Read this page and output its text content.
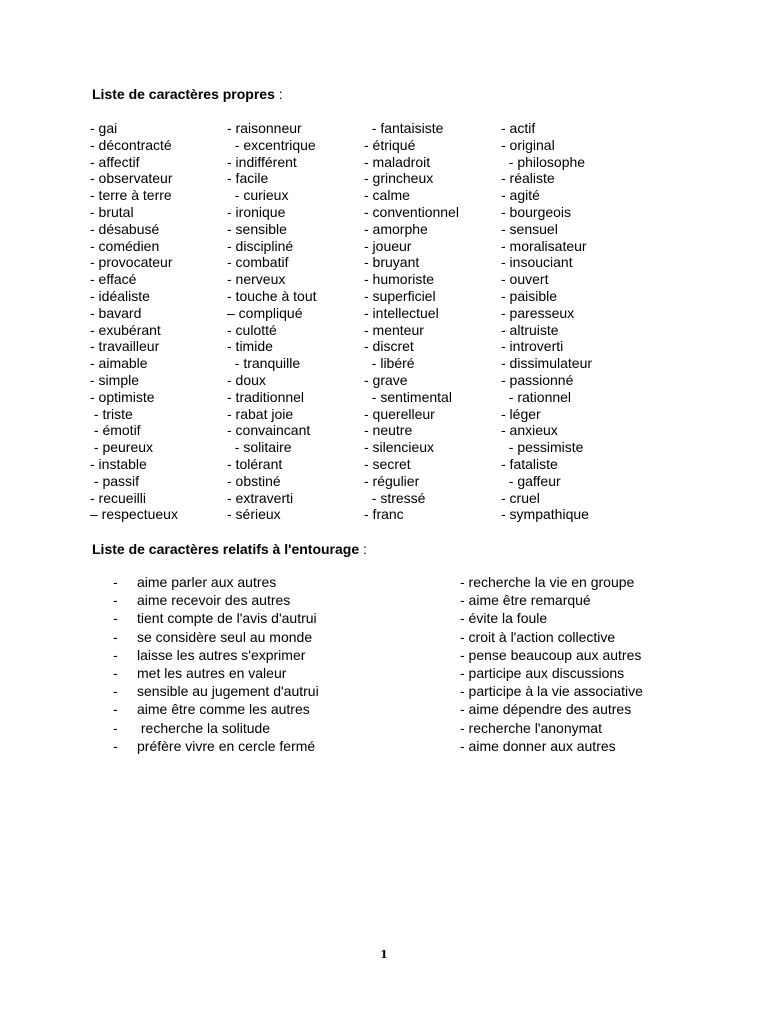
Liste de caractères propres :
- gai
- décontracté
- affectif
- observateur
- terre à terre
- brutal
- désabusé
- comédien
- provocateur
- effacé
- idéaliste
- bavard
- exubérant
- travailleur
- aimable
- simple
- optimiste
- triste
- émotif
- peureux
- instable
- passif
- recueilli
– respectueux
- raisonneur
- excentrique
- indifférent
- facile
- curieux
- ironique
- sensible
- discipliné
- combatif
- nerveux
- touche à tout
– compliqué
- culotté
- timide
- tranquille
- doux
- traditionnel
- rabat joie
- convaincant
- solitaire
- tolérant
- obstiné
- extraverti
- sérieux
- fantaisiste
- étriqué
- maladroit
- grincheux
- calme
- conventionnel
- amorphe
- joueur
- bruyant
- humoriste
- superficiel
- intellectuel
- menteur
- discret
- libéré
- grave
- sentimental
- querelleur
- neutre
- silencieux
- secret
- régulier
- stressé
- franc
- actif
- original
- philosophe
- réaliste
- agité
- bourgeois
- sensuel
- moralisateur
- insouciant
- ouvert
- paisible
- paresseux
- altruiste
- introverti
- dissimulateur
- passionné
- rationnel
- léger
- anxieux
- pessimiste
- fataliste
- gaffeur
- cruel
- sympathique
Liste de caractères relatifs à l'entourage :
-
-
-
-
-
-
-
-
-
-
aime parler aux autres
aime recevoir des autres
tient compte de l'avis d'autrui
se considère seul au monde
laisse les autres s'exprimer
met les autres en valeur
sensible au jugement d'autrui
aime être comme les autres
recherche la solitude
préfère vivre en cercle fermé
- recherche la vie en groupe
- aime être remarqué
- évite la foule
- croit à l'action collective
- pense beaucoup aux autres
- participe aux discussions
- participe à la vie associative
- aime dépendre des autres
- recherche l'anonymat
- aime donner aux autres
1
